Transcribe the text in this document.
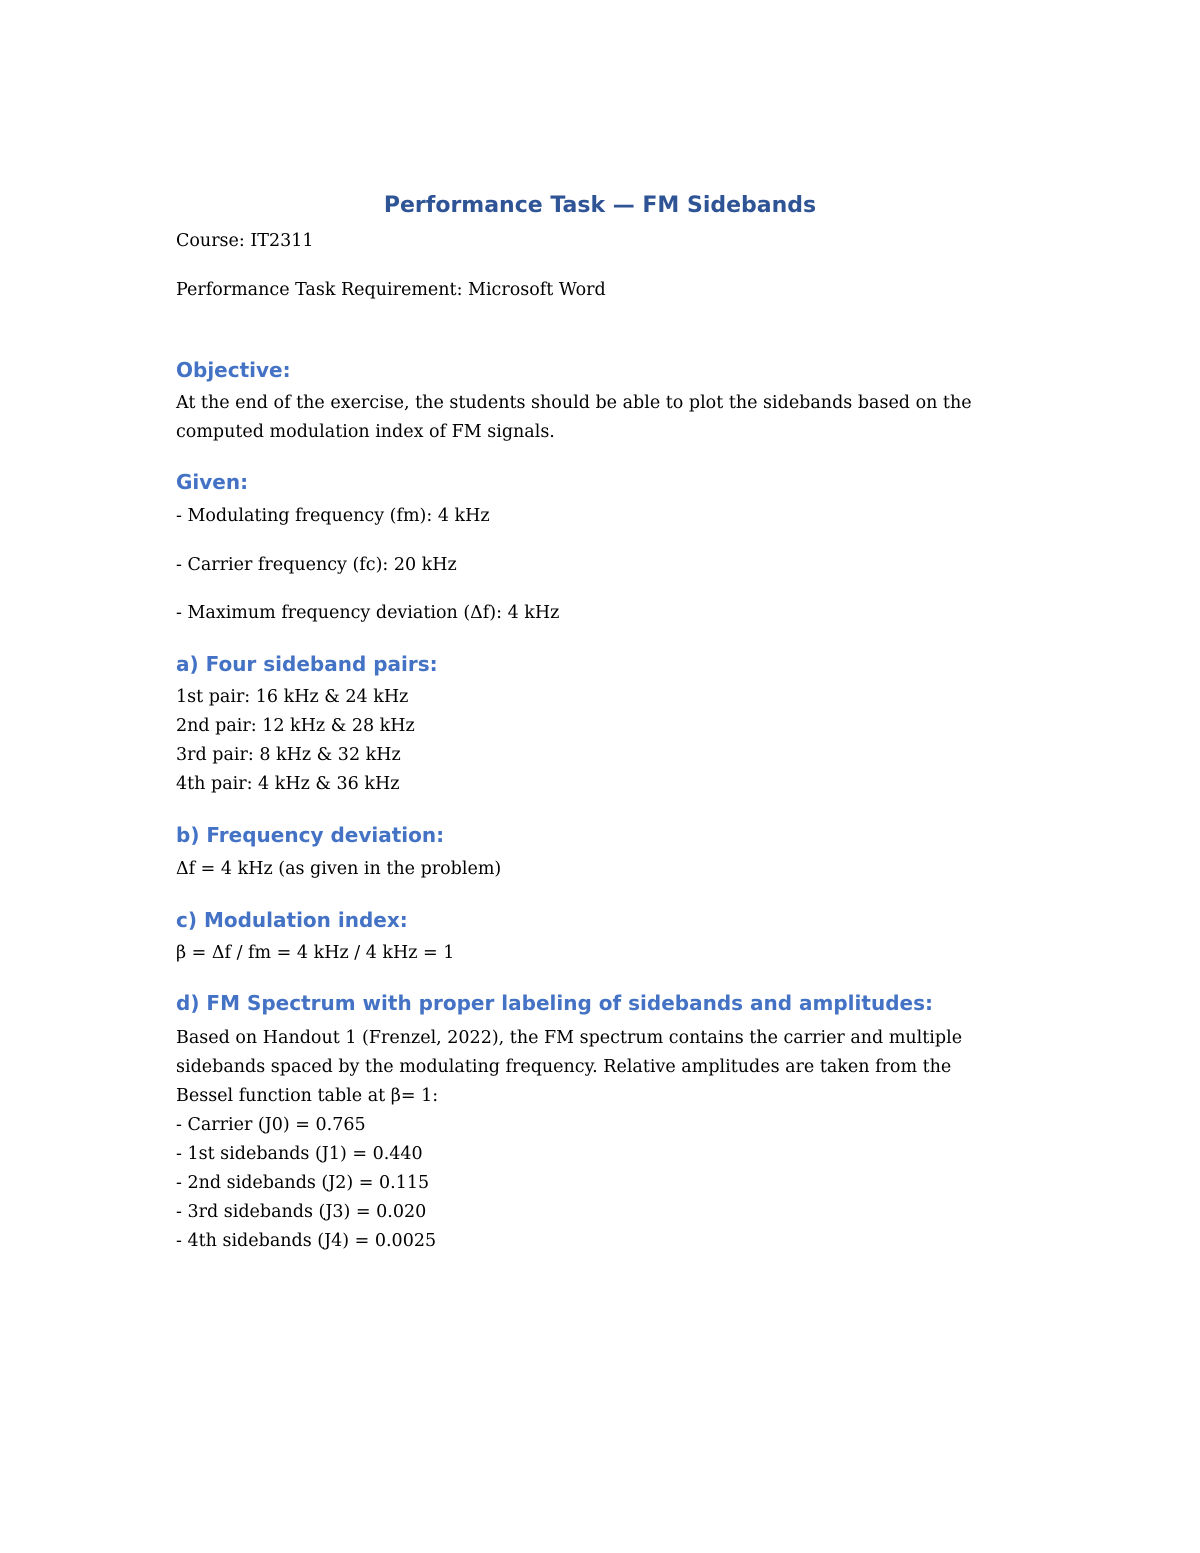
Performance Task — FM Sidebands

Course: IT2311

Performance Task Requirement: Microsoft Word

Objective:
At the end of the exercise, the students should be able to plot the sidebands based on the
computed modulation index of FM signals.
Given:

- Modulating frequency (fm): 4 kHz

- Carrier frequency (fc): 20 kHz

- Maximum frequency deviation (Δf): 4 kHz

a) Four sideband pairs:
1st pair: 16 kHz & 24 kHz
2nd pair: 12 kHz & 28 kHz
3rd pair: 8 kHz & 32 kHz
4th pair: 4 kHz & 36 kHz
b) Frequency deviation:

Δf = 4 kHz (as given in the problem)

c) Modulation index:

β = Δf / fm = 4 kHz / 4 kHz = 1

d) FM Spectrum with proper labeling of sidebands and amplitudes:
Based on Handout 1 (Frenzel, 2022), the FM spectrum contains the carrier and multiple
sidebands spaced by the modulating frequency. Relative amplitudes are taken from the
Bessel function table at β= 1:
- Carrier (J0) = 0.765
- 1st sidebands (J1) = 0.440
- 2nd sidebands (J2) = 0.115
- 3rd sidebands (J3) = 0.020
- 4th sidebands (J4) = 0.0025
